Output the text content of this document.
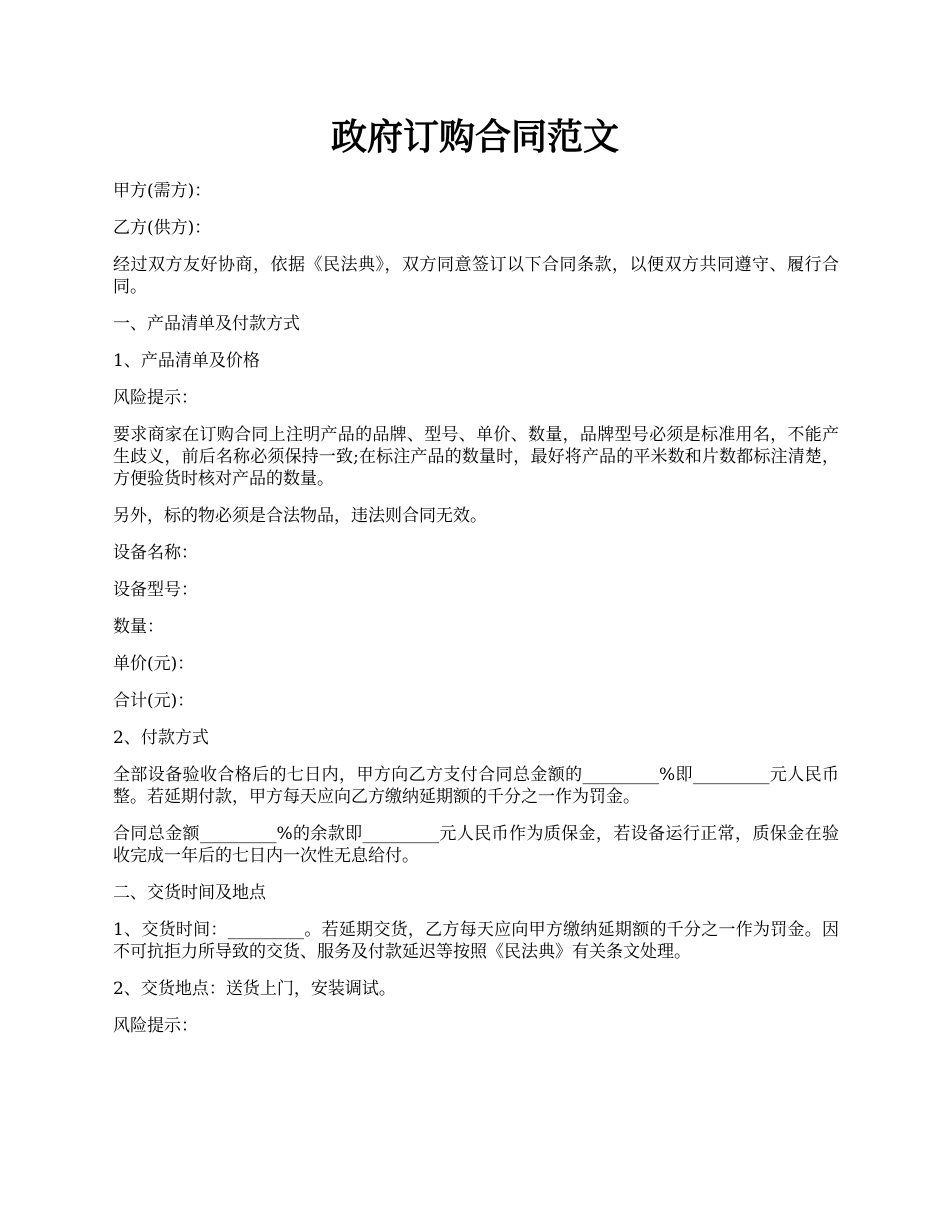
政府订购合同范文

甲方(需方)：

乙方(供方)：

经过双方友好协商，依据《民法典》，双方同意签订以下合同条款，以便双方共同遵守、履行合同。

一、产品清单及付款方式

1、产品清单及价格

风险提示：

要求商家在订购合同上注明产品的品牌、型号、单价、数量，品牌型号必须是标准用名，不能产生歧义，前后名称必须保持一致;在标注产品的数量时，最好将产品的平米数和片数都标注清楚，方便验货时核对产品的数量。

另外，标的物必须是合法物品，违法则合同无效。

设备名称：

设备型号：

数量：

单价(元)：

合计(元)：

2、付款方式

全部设备验收合格后的七日内，甲方向乙方支付合同总金额的_________%即_________元人民币整。若延期付款，甲方每天应向乙方缴纳延期额的千分之一作为罚金。

合同总金额_________%的余款即_________元人民币作为质保金，若设备运行正常，质保金在验收完成一年后的七日内一次性无息给付。

二、交货时间及地点

1、交货时间：_________。若延期交货，乙方每天应向甲方缴纳延期额的千分之一作为罚金。因不可抗拒力所导致的交货、服务及付款延迟等按照《民法典》有关条文处理。

2、交货地点：送货上门，安装调试。

风险提示：
